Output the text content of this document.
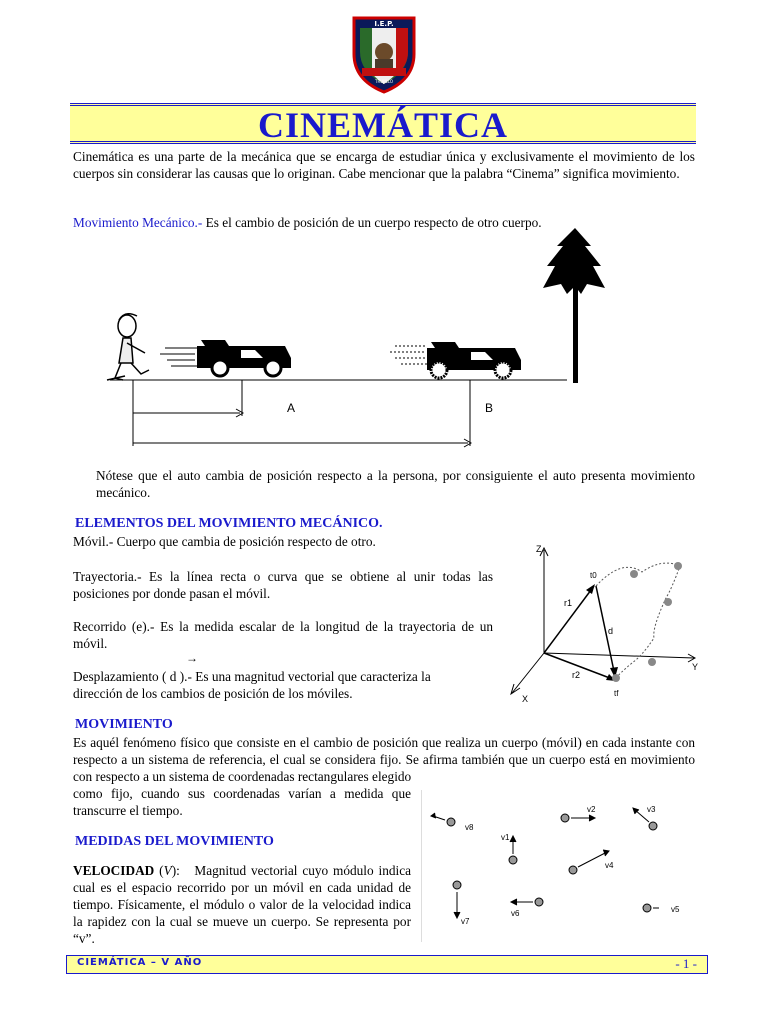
I.E.P.
TRUJILLO
CINEMÁTICA
Cinemática es una parte de la mecánica que se encarga de estudiar única y exclusivamente el movimiento de los cuerpos sin considerar las causas que lo originan. Cabe mencionar que la palabra “Cinema” significa movimiento.
Movimiento Mecánico.- Es el cambio de posición de un cuerpo respecto de otro cuerpo.
A	B
Nótese que el auto cambia de posición respecto a la persona, por consiguiente el auto presenta movimiento mecánico.
ELEMENTOS DEL MOVIMIENTO MECÁNICO.
Móvil.- Cuerpo que cambia de posición respecto de otro.
Trayectoria.- Es la línea recta o curva que se obtiene al unir todas las posiciones por donde pasan el móvil.
Recorrido (e).- Es la medida escalar de la longitud de la trayectoria de un móvil.
→
Desplazamiento ( d ).- Es una magnitud vectorial que caracteriza la
dirección de los cambios de posición de los móviles.
Z
Y
X
r1
r2
t0
tf
d
MOVIMIENTO
Es aquél fenómeno físico que consiste en el cambio de posición que realiza un cuerpo (móvil) en cada instante con respecto a un sistema de referencia, el cual se considera fijo. Se afirma también que un cuerpo está en movimiento con respecto a un sistema de coordenadas rectangulares elegido
como fijo, cuando sus coordenadas varían a medida que transcurre el tiempo.
MEDIDAS DEL MOVIMIENTO
VELOCIDAD (V):   Magnitud vectorial cuyo módulo indica cual es el espacio recorrido por un móvil en cada unidad de tiempo. Físicamente, el módulo o valor de la velocidad indica la rapidez con la cual se mueve un cuerpo. Se representa por “v”.
v8
v1
v2	v3
v4
v5
v6
v7
CIEMÁTICA – V AÑO	- 1 -
